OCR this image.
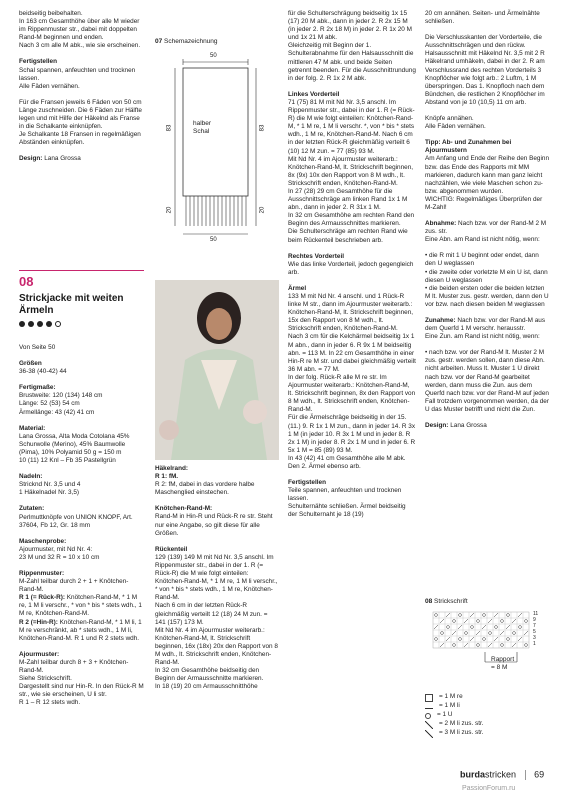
beidseitig beibehalten.
In 163 cm Gesamthöhe über alle M wieder im Rippenmuster str., dabei mit doppelten Rand-M beginnen und enden.
Nach 3 cm alle M abk., wie sie erscheinen.

Fertigstellen
Schal spannen, anfeuchten und trocknen lassen.
Alle Fäden vernähen.

Für die Fransen jeweils 6 Fäden von 50 cm Länge zuschneiden. Die 6 Fäden zur Hälfte legen und mit Hilfe der Häkelnd als Franse in die Schalkante einknüpfen.
Je Schalkante 18 Fransen in regelmäßigen Abständen einknüpfen.

Design: Lana Grossa

08
Strickjacke mit weiten Ärmeln

Von Seite 50

Größen
36-38 (40-42) 44

Fertigmaße:
Brustweite: 120 (134) 148 cm
Länge: 52 (53) 54 cm
Ärmellänge: 43 (42) 41 cm

Material:
Lana Grossa, Alta Moda Cotolana 45% Schurwolle (Merino), 45% Baumwolle (Pima), 10% Polyamid 50 g = 150 m
10 (11) 12 Knl – Fb 35 Pastellgrün

Nadeln:
Stricknd Nr. 3,5 und 4
1 Häkelnadel Nr. 3,5)

Zutaten:
Perlmuttknöpfe von UNION KNOPF, Art. 37604, Fb 12, Gr. 18 mm

Maschenprobe:
Ajourmuster, mit Nd Nr. 4:
23 M und 32 R = 10 x 10 cm

Rippenmuster:
M-Zahl teilbar durch 2 + 1 + Knötchen-Rand-M.
R 1 (= Rück-R): Knötchen-Rand-M, * 1 M re, 1 M li verschr., * von * bis * stets wdh., 1 M re, Knötchen-Rand-M.
R 2 (=Hin-R): Knötchen-Rand-M, * 1 M li, 1 M re verschränkt, ab * stets wdh., 1 M li, Knötchen-Rand-M. R 1 und R 2 stets wdh.

Ajourmuster:
M-Zahl teilbar durch 8 + 3 + Knötchen-Rand-M.
Siehe Strickschrift.
Dargestellt sind nur Hin-R. In den Rück-R M str., wie sie erscheinen, U li str.
R 1 – R 12 stets wdh.

07 Schemazeichnung
50
halber Schal
83
20
83
20
50

Häkelrand:
R 1: fM.
R 2: fM, dabei in das vordere halbe Maschenglied einstechen.

Knötchen-Rand-M:
Rand-M in Hin-R und Rück-R re str. Steht nur eine Angabe, so gilt diese für alle Größen.

Rückenteil
129 (139) 149 M mit Nd Nr. 3,5 anschl. Im Rippenmuster str., dabei in der 1. R (= Rück-R) die M wie folgt einteilen: Knötchen-Rand-M, * 1 M re, 1 M li verschr., * von * bis * stets wdh., 1 M re, Knötchen-Rand-M.
Nach 6 cm in der letzten Rück-R gleichmäßig verteilt 12 (18) 24 M zun. = 141 (157) 173 M.
Mit Nd Nr. 4 im Ajourmuster weiterarb.: Knötchen-Rand-M, lt. Strickschrift beginnen, 16x (18x) 20x den Rapport von 8 M wdh., lt. Strickschrift enden, Knötchen-Rand-M.
In 32 cm Gesamthöhe beidseitig den Beginn der Armausschnitte markieren.
In 18 (19) 20 cm Armausschnitthöhe

für die Schulterschrägung beidseitig 1x 15 (17) 20 M abk., dann in jeder 2. R 2x 15 M (in jeder 2. R 2x 18 M) in jeder 2. R 1x 20 M und 1x 21 M abk.
Gleichzeitig mit Beginn der 1. Schulterabnahme für den Halsausschnitt die mittleren 47 M abk. und beide Seiten getrennt beenden. Für die Ausschnittrundung in der folg. 2. R 1x 2 M abk.

Linkes Vorderteil
71 (75) 81 M mit Nd Nr. 3,5 anschl. Im Rippenmuster str., dabei in der 1. R (= Rück-R) die M wie folgt einteilen: Knötchen-Rand-M, * 1 M re, 1 M li verschr. *, von * bis * stets wdh., 1 M re, Knötchen-Rand-M. Nach 6 cm in der letzten Rück-R gleichmäßig verteilt 6 (10) 12 M zun. = 77 (85) 93 M.
Mit Nd Nr. 4 im Ajourmuster weiterarb.: Knötchen-Rand-M, lt. Strickschrift beginnen, 8x (9x) 10x den Rapport von 8 M wdh., lt. Strickschrift enden, Knötchen-Rand-M.
In 27 (28) 29 cm Gesamthöhe für die Ausschnittschräge am linken Rand 1x 1 M abn., dann in jeder 2. R 31x 1 M.
In 32 cm Gesamthöhe am rechten Rand den Beginn des Armausschnittes markieren.
Die Schulterschräge am rechten Rand wie beim Rückenteil beschrieben arb.

Rechtes Vorderteil
Wie das linke Vorderteil, jedoch gegengleich arb.

Ärmel
133 M mit Nd Nr. 4 anschl. und 1 Rück-R linke M str., dann im Ajourmuster weiterarb.: Knötchen-Rand-M, lt. Strickschrift beginnen, 15x den Rapport von 8 M wdh., lt. Strickschrift enden, Knötchen-Rand-M.
Nach 3 cm für die Kelchärmel beidseitig 1x 1 M abn., dann in jeder 6. R 9x 1 M beidseitig abn. = 113 M. In 22 cm Gesamthöhe in einer Hin-R re M str. und dabei gleichmäßig verteilt 36 M abn. = 77 M.
In der folg. Rück-R alle M re str. Im Ajourmuster weiterarb.: Knötchen-Rand-M, lt. Strickschrift beginnen, 8x den Rapport von 8 M wdh., lt. Strickschrift enden, Knötchen-Rand-M.
Für die Ärmelschräge beidseitig in der 15. (11.) 9. R 1x 1 M zun., dann in jeder 14. R 3x 1 M (in jeder 10. R 3x 1 M und in jeder 8. R 2x 1 M) in jeder 8. R 2x 1 M und in jeder 6. R 5x 1 M = 85 (89) 93 M.
In 43 (42) 41 cm Gesamthöhe alle M abk.
Den 2. Ärmel ebenso arb.

Fertigstellen
Teile spannen, anfeuchten und trocknen lassen.
Schulternähte schließen. Ärmel beidseitig der Schulternaht je 18 (19)

20 cm annähen. Seiten- und Ärmelnähte schließen.

Die Verschlusskanten der Vorderteile, die Ausschnittschrägen und den rückw. Halsausschnitt mit Häkelnd Nr. 3,5 mit 2 R Häkelrand umhäkeln, dabei in der 2. R am Verschlussrand des rechten Vorderteils 3 Knopflöcher wie folgt arb.: 2 Luftm, 1 M überspringen. Das 1. Knopfloch nach dem Bündchen, die restlichen 2 Knopflöcher im Abstand von je 10 (10,5) 11 cm arb.

Knöpfe annähen.
Alle Fäden vernähen.

Tipp: Ab- und Zunahmen bei Ajourmustern
Am Anfang und Ende der Reihe den Beginn bzw. das Ende des Rapports mit MM markieren, dadurch kann man ganz leicht nachzählen, wie viele Maschen schon zu- bzw. abgenommen wurden.
WICHTIG: Regelmäßiges Überprüfen der M-Zahl!

Abnahme: Nach bzw. vor der Rand-M 2 M zus. str.
Eine Abn. am Rand ist nicht nötig, wenn:

• die R mit 1 U beginnt oder endet, dann den U weglassen
• die zweite oder vorletzte M ein U ist, dann diesen U weglassen
• die beiden ersten oder die beiden letzten M lt. Muster zus. gestr. werden, dann den U vor bzw. nach diesen beiden M weglassen

Zunahme: Nach bzw. vor der Rand-M aus dem Querfd 1 M verschr. herausstr.
Eine Zun. am Rand ist nicht nötig, wenn:

• nach bzw. vor der Rand-M lt. Muster 2 M zus. gestr. werden sollen, dann diese Abn. nicht arbeiten. Muss lt. Muster 1 U direkt nach bzw. vor der Rand-M gearbeitet werden, dann muss die Zun. aus dem Querfd nach bzw. vor der Rand-M auf jeden Fall trotzdem vorgenommen werden, da der U das Muster betrifft und nicht die Zun.

Design: Lana Grossa

08 Strickschrift
11
9
7
5
3
1
Rapport
= 8 M
= 1 M re
= 1 M li
= 1 U
= 2 M li zus. str.
= 3 M li zus. str.
burdastricken 69
PassionForum.ru
